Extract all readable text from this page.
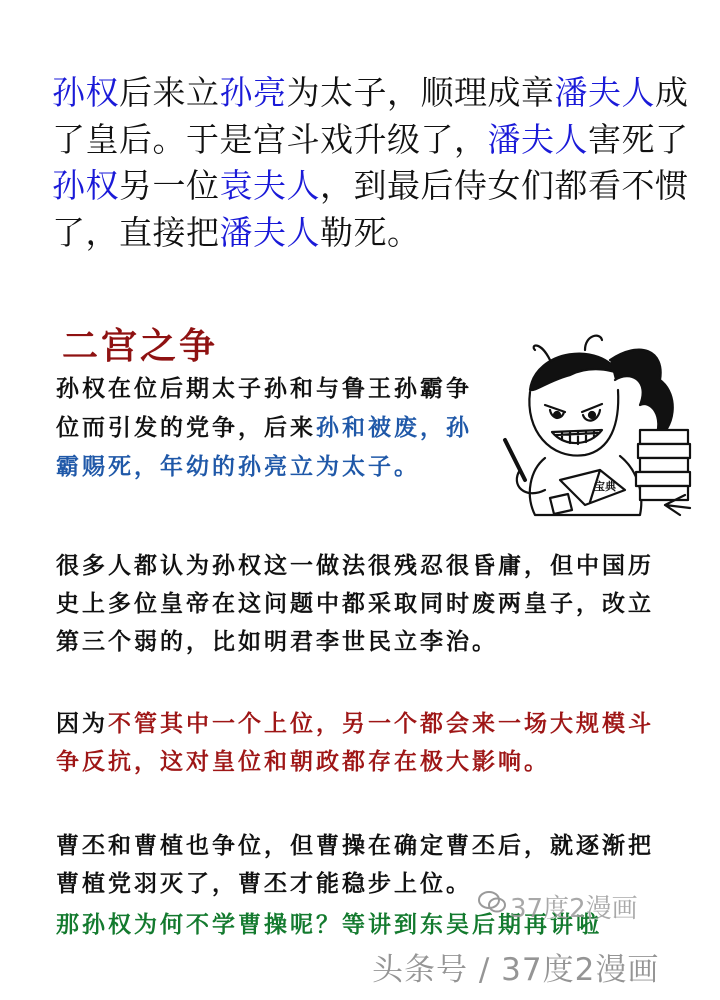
孙权后来立孙亮为太子，顺理成章潘夫人成了皇后。于是宫斗戏升级了，潘夫人害死了孙权另一位袁夫人，到最后侍女们都看不惯了，直接把潘夫人勒死。
二宫之争
孙权在位后期太子孙和与鲁王孙霸争位而引发的党争，后来孙和被废，孙霸赐死，年幼的孙亮立为太子。
宝典
很多人都认为孙权这一做法很残忍很昏庸，但中国历史上多位皇帝在这问题中都采取同时废两皇子，改立第三个弱的，比如明君李世民立李治。
因为不管其中一个上位，另一个都会来一场大规模斗争反抗，这对皇位和朝政都存在极大影响。
曹丕和曹植也争位，但曹操在确定曹丕后，就逐渐把曹植党羽灭了，曹丕才能稳步上位。
那孙权为何不学曹操呢？等讲到东吴后期再讲啦
37度2漫画
头条号 / 37度2漫画
